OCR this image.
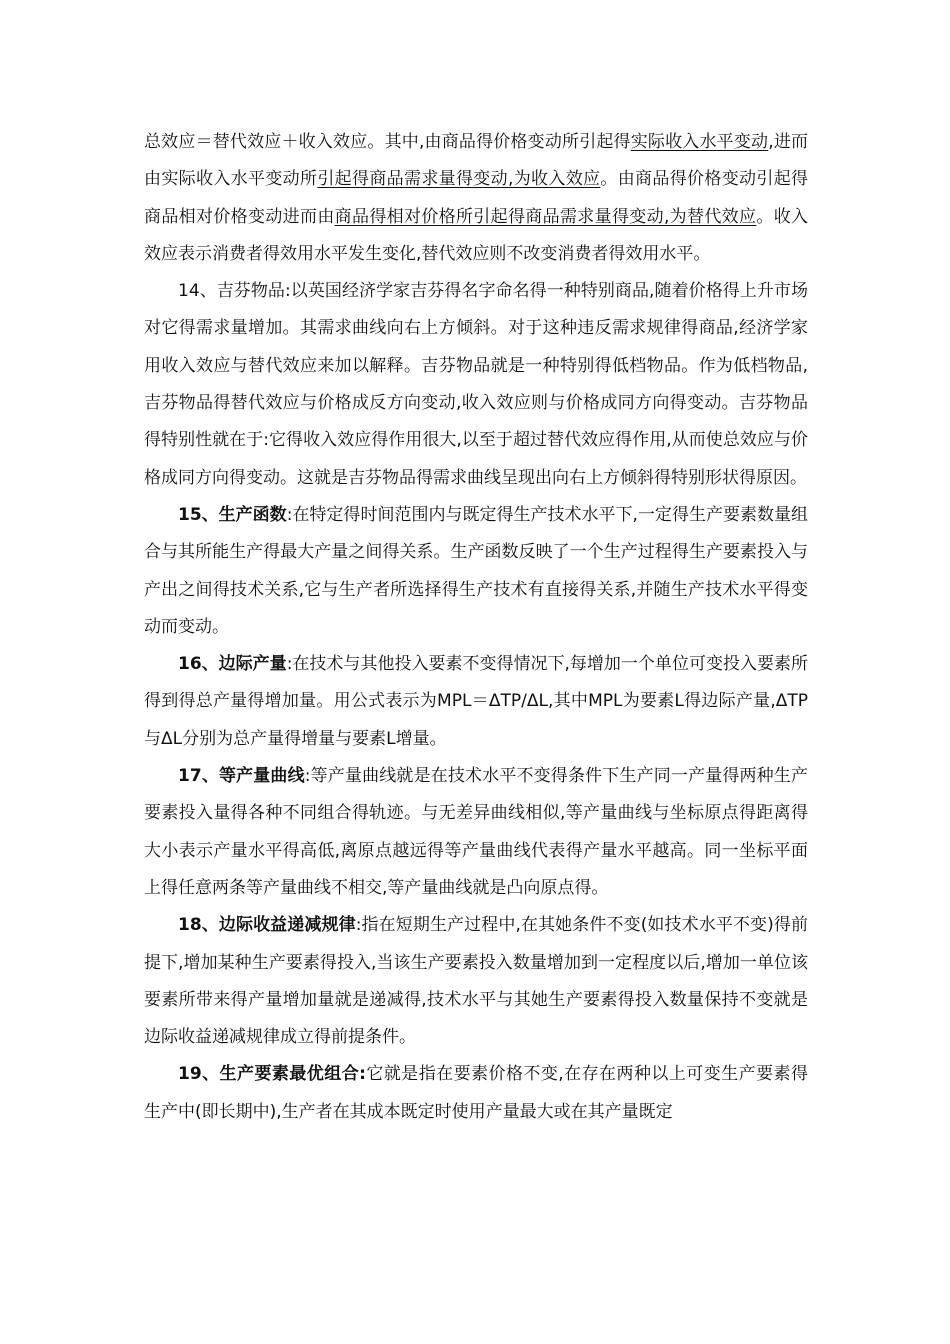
总效应＝替代效应＋收入效应。其中,由商品得价格变动所引起得实际收入水平变动,进而由实际收入水平变动所引起得商品需求量得变动,为收入效应。由商品得价格变动引起得商品相对价格变动进而由商品得相对价格所引起得商品需求量得变动,为替代效应。收入效应表示消费者得效用水平发生变化,替代效应则不改变消费者得效用水平。

14、吉芬物品:以英国经济学家吉芬得名字命名得一种特别商品,随着价格得上升市场对它得需求量增加。其需求曲线向右上方倾斜。对于这种违反需求规律得商品,经济学家用收入效应与替代效应来加以解释。吉芬物品就是一种特别得低档物品。作为低档物品,吉芬物品得替代效应与价格成反方向变动,收入效应则与价格成同方向得变动。吉芬物品得特别性就在于:它得收入效应得作用很大,以至于超过替代效应得作用,从而使总效应与价格成同方向得变动。这就是吉芬物品得需求曲线呈现出向右上方倾斜得特别形状得原因。

15、生产函数:在特定得时间范围内与既定得生产技术水平下,一定得生产要素数量组合与其所能生产得最大产量之间得关系。生产函数反映了一个生产过程得生产要素投入与产出之间得技术关系,它与生产者所选择得生产技术有直接得关系,并随生产技术水平得变动而变动。

16、边际产量:在技术与其他投入要素不变得情况下,每增加一个单位可变投入要素所得到得总产量得增加量。用公式表示为MPL＝ΔTP/ΔL,其中MPL为要素L得边际产量,ΔTP与ΔL分别为总产量得增量与要素L增量。

17、等产量曲线:等产量曲线就是在技术水平不变得条件下生产同一产量得两种生产要素投入量得各种不同组合得轨迹。与无差异曲线相似,等产量曲线与坐标原点得距离得大小表示产量水平得高低,离原点越远得等产量曲线代表得产量水平越高。同一坐标平面上得任意两条等产量曲线不相交,等产量曲线就是凸向原点得。

18、边际收益递减规律:指在短期生产过程中,在其她条件不变(如技术水平不变)得前提下,增加某种生产要素得投入,当该生产要素投入数量增加到一定程度以后,增加一单位该要素所带来得产量增加量就是递减得,技术水平与其她生产要素得投入数量保持不变就是边际收益递减规律成立得前提条件。

19、生产要素最优组合:它就是指在要素价格不变,在存在两种以上可变生产要素得生产中(即长期中),生产者在其成本既定时使用产量最大或在其产量既定
